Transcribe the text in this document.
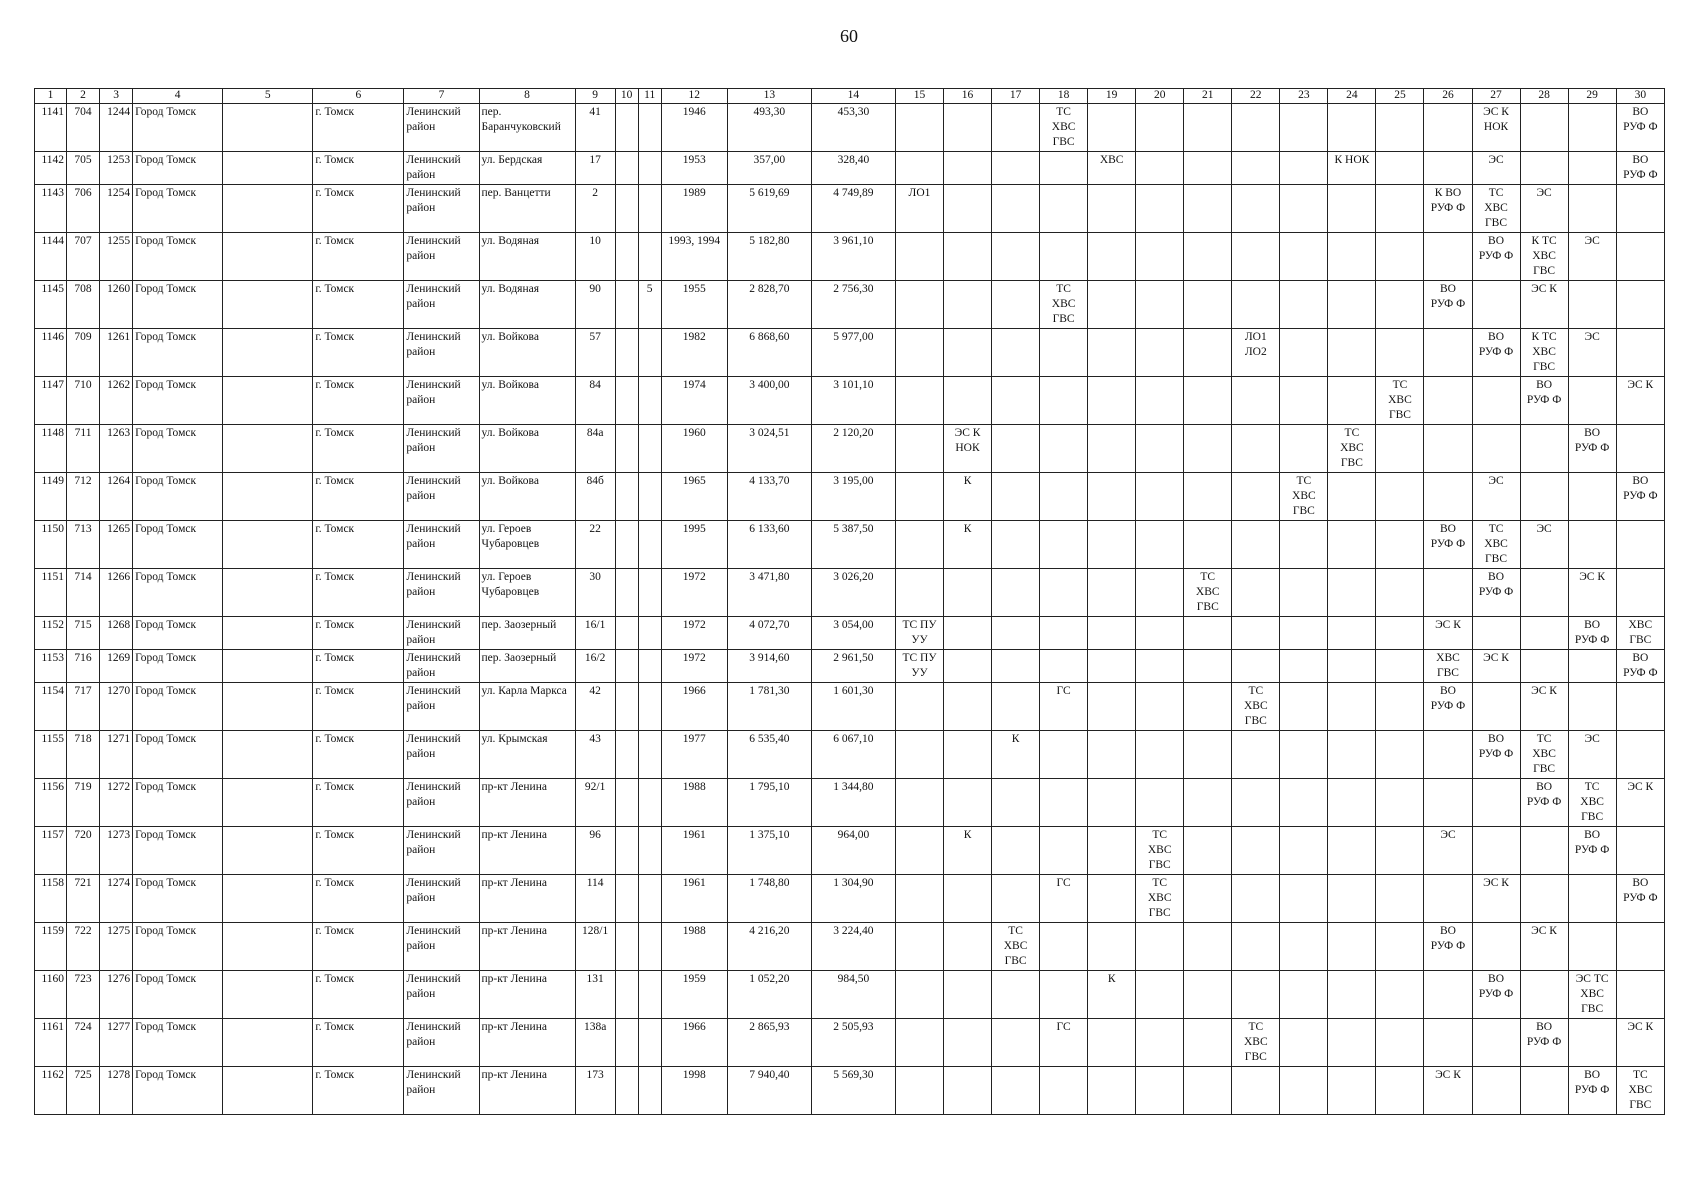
60
1	2	3	4	5	6	7	8	9	10	11	12	13	14	15	16	17	18	19	20	21	22	23	24	25	26	27	28	29	30
1141	704	1244	Город Томск		г. Томск	Ленинский район	пер. Баранчуковский	41			1946	493,30	453,30				ТС
ХВС
ГВС									ЭС К
НОК			ВО
РУФ Ф
1142	705	1253	Город Томск		г. Томск	Ленинский район	ул. Бердская	17			1953	357,00	328,40					ХВС					К НОК			ЭС			ВО
РУФ Ф
1143	706	1254	Город Томск		г. Томск	Ленинский район	пер. Ванцетти	2			1989	5 619,69	4 749,89	ЛО1											К ВО
РУФ Ф	ТС
ХВС
ГВС	ЭС		
1144	707	1255	Город Томск		г. Томск	Ленинский район	ул. Водяная	10			1993, 1994	5 182,80	3 961,10													ВО
РУФ Ф	К ТС
ХВС
ГВС	ЭС	
1145	708	1260	Город Томск		г. Томск	Ленинский район	ул. Водяная	90		5	1955	2 828,70	2 756,30				ТС
ХВС
ГВС								ВО
РУФ Ф		ЭС К		
1146	709	1261	Город Томск		г. Томск	Ленинский район	ул. Войкова	57			1982	6 868,60	5 977,00								ЛО1
ЛО2					ВО
РУФ Ф	К ТС
ХВС
ГВС	ЭС	
1147	710	1262	Город Томск		г. Томск	Ленинский район	ул. Войкова	84			1974	3 400,00	3 101,10											ТС
ХВС
ГВС			ВО
РУФ Ф		ЭС К
1148	711	1263	Город Томск		г. Томск	Ленинский район	ул. Войкова	84а			1960	3 024,51	2 120,20		ЭС К
НОК								ТС
ХВС
ГВС					ВО
РУФ Ф	
1149	712	1264	Город Томск		г. Томск	Ленинский район	ул. Войкова	84б			1965	4 133,70	3 195,00		К							ТС
ХВС
ГВС				ЭС			ВО
РУФ Ф
1150	713	1265	Город Томск		г. Томск	Ленинский район	ул. Героев Чубаровцев	22			1995	6 133,60	5 387,50		К										ВО
РУФ Ф	ТС
ХВС
ГВС	ЭС		
1151	714	1266	Город Томск		г. Томск	Ленинский район	ул. Героев Чубаровцев	30			1972	3 471,80	3 026,20							ТС
ХВС
ГВС						ВО
РУФ Ф		ЭС К	
1152	715	1268	Город Томск		г. Томск	Ленинский район	пер. Заозерный	16/1			1972	4 072,70	3 054,00	ТС ПУ
УУ											ЭС К			ВО
РУФ Ф	ХВС
ГВС
1153	716	1269	Город Томск		г. Томск	Ленинский район	пер. Заозерный	16/2			1972	3 914,60	2 961,50	ТС ПУ
УУ											ХВС
ГВС	ЭС К			ВО
РУФ Ф
1154	717	1270	Город Томск		г. Томск	Ленинский район	ул. Карла Маркса	42			1966	1 781,30	1 601,30				ГС				ТС
ХВС
ГВС				ВО
РУФ Ф		ЭС К		
1155	718	1271	Город Томск		г. Томск	Ленинский район	ул. Крымская	43			1977	6 535,40	6 067,10			К										ВО
РУФ Ф	ТС
ХВС
ГВС	ЭС	
1156	719	1272	Город Томск		г. Томск	Ленинский район	пр-кт Ленина	92/1			1988	1 795,10	1 344,80														ВО
РУФ Ф	ТС
ХВС
ГВС	ЭС К
1157	720	1273	Город Томск		г. Томск	Ленинский район	пр-кт Ленина	96			1961	1 375,10	964,00		К				ТС
ХВС
ГВС						ЭС			ВО
РУФ Ф	
1158	721	1274	Город Томск		г. Томск	Ленинский район	пр-кт Ленина	114			1961	1 748,80	1 304,90				ГС		ТС
ХВС
ГВС							ЭС К			ВО
РУФ Ф
1159	722	1275	Город Томск		г. Томск	Ленинский район	пр-кт Ленина	128/1			1988	4 216,20	3 224,40			ТС
ХВС
ГВС									ВО
РУФ Ф		ЭС К		
1160	723	1276	Город Томск		г. Томск	Ленинский район	пр-кт Ленина	131			1959	1 052,20	984,50					К								ВО
РУФ Ф		ЭС ТС
ХВС
ГВС	
1161	724	1277	Город Томск		г. Томск	Ленинский район	пр-кт Ленина	138а			1966	2 865,93	2 505,93				ГС				ТС
ХВС
ГВС						ВО
РУФ Ф		ЭС К
1162	725	1278	Город Томск		г. Томск	Ленинский район	пр-кт Ленина	173			1998	7 940,40	5 569,30												ЭС К			ВО
РУФ Ф	ТС
ХВС
ГВС
